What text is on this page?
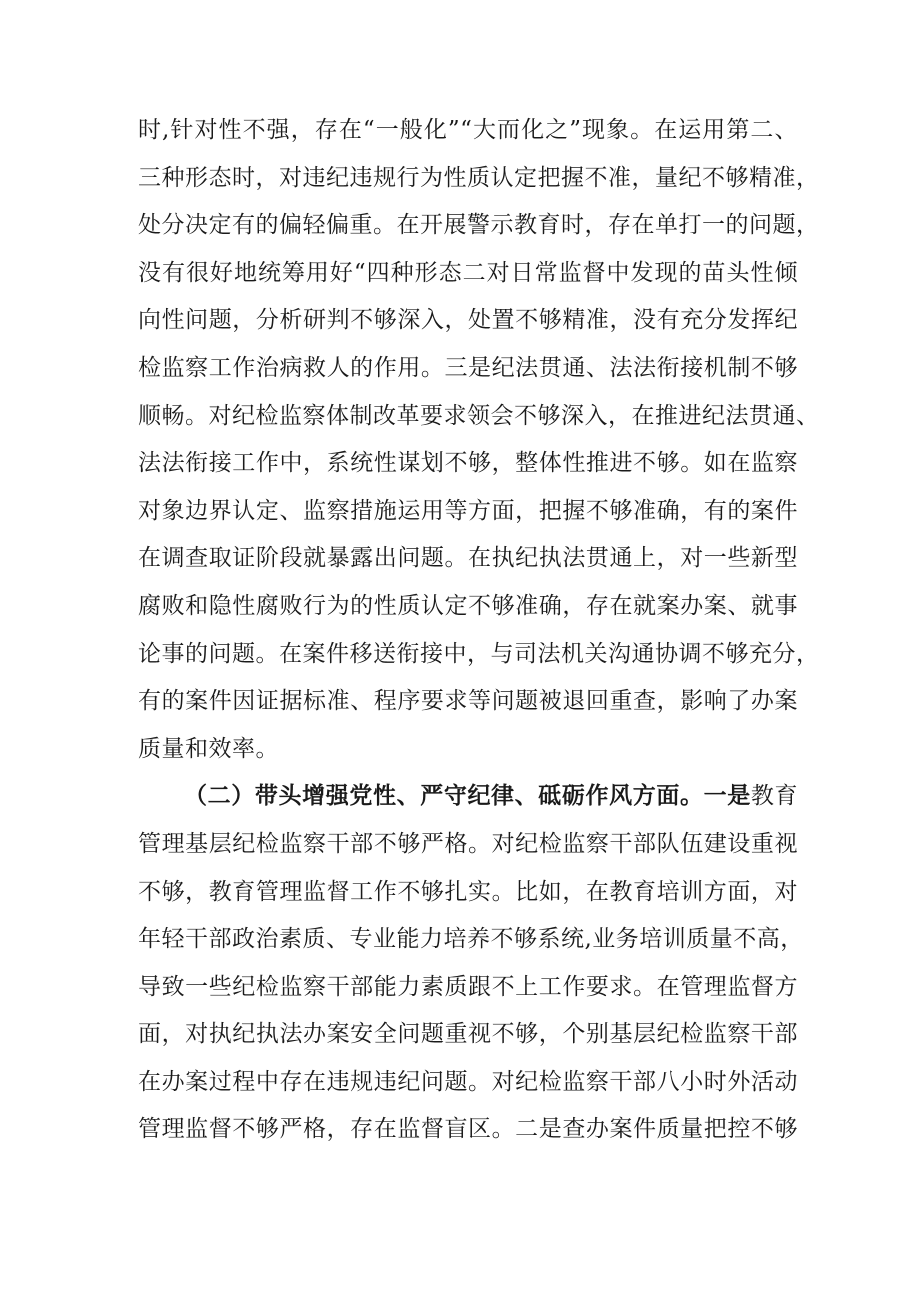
时,针对性不强，存在“一般化”“大而化之”现象。在运用第二、
三种形态时，对违纪违规行为性质认定把握不准，量纪不够精准，
处分决定有的偏轻偏重。在开展警示教育时，存在单打一的问题，
没有很好地统筹用好“四种形态二对日常监督中发现的苗头性倾
向性问题，分析研判不够深入，处置不够精准，没有充分发挥纪
检监察工作治病救人的作用。三是纪法贯通、法法衔接机制不够
顺畅。对纪检监察体制改革要求领会不够深入，在推进纪法贯通、
法法衔接工作中，系统性谋划不够，整体性推进不够。如在监察
对象边界认定、监察措施运用等方面，把握不够准确，有的案件
在调查取证阶段就暴露出问题。在执纪执法贯通上，对一些新型
腐败和隐性腐败行为的性质认定不够准确，存在就案办案、就事
论事的问题。在案件移送衔接中，与司法机关沟通协调不够充分，
有的案件因证据标准、程序要求等问题被退回重查，影响了办案
质量和效率。
（二）带头增强党性、严守纪律、砥砺作风方面。一是教育
管理基层纪检监察干部不够严格。对纪检监察干部队伍建设重视
不够，教育管理监督工作不够扎实。比如，在教育培训方面，对
年轻干部政治素质、专业能力培养不够系统,业务培训质量不高，
导致一些纪检监察干部能力素质跟不上工作要求。在管理监督方
面，对执纪执法办案安全问题重视不够，个别基层纪检监察干部
在办案过程中存在违规违纪问题。对纪检监察干部八小时外活动
管理监督不够严格，存在监督盲区。二是查办案件质量把控不够
